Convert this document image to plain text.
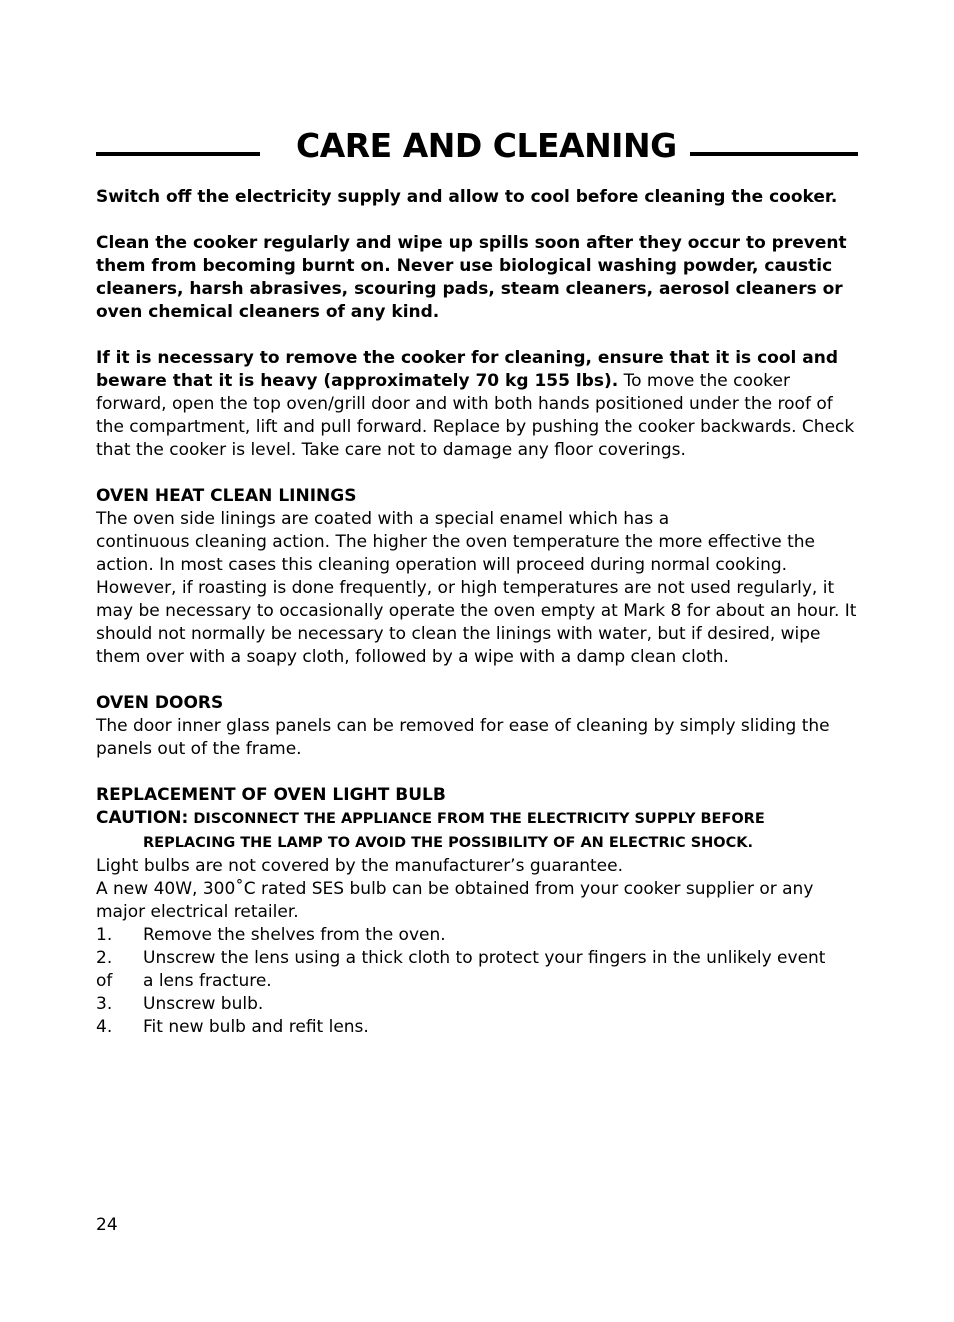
CARE AND CLEANING

Switch off the electricity supply and allow to cool before cleaning the cooker.

Clean the cooker regularly and wipe up spills soon after they occur to prevent them from becoming burnt on. Never use biological washing powder, caustic cleaners, harsh abrasives, scouring pads, steam cleaners, aerosol cleaners or oven chemical cleaners of any kind.

If it is necessary to remove the cooker for cleaning, ensure that it is cool and beware that it is heavy (approximately 70 kg 155 lbs). To move the cooker forward, open the top oven/grill door and with both hands positioned under the roof of the compartment, lift and pull forward. Replace by pushing the cooker backwards. Check that the cooker is level. Take care not to damage any floor coverings.

OVEN HEAT CLEAN LININGS

The oven side linings are coated with a special enamel which has a

continuous cleaning action. The higher the oven temperature the more effective the action. In most cases this cleaning operation will proceed during normal cooking. However, if roasting is done frequently, or high temperatures are not used regularly, it may be necessary to occasionally operate the oven empty at Mark 8 for about an hour. It should not normally be necessary to clean the linings with water, but if desired, wipe them over with a soapy cloth, followed by a wipe with a damp clean cloth.

OVEN DOORS

The door inner glass panels can be removed for ease of cleaning by simply sliding the panels out of the frame.

REPLACEMENT OF OVEN LIGHT BULB

CAUTION: DISCONNECT THE APPLIANCE FROM THE ELECTRICITY SUPPLY BEFORE

REPLACING THE LAMP TO AVOID THE POSSIBILITY OF AN ELECTRIC SHOCK.

Light bulbs are not covered by the manufacturer’s guarantee.

A new 40W, 300˚C rated SES bulb can be obtained from your cooker supplier or any major electrical retailer.

1.	Remove the shelves from the oven.
2.	Unscrew the lens using a thick cloth to protect your fingers in the unlikely event
of	a lens fracture.
3.	Unscrew bulb.
4.	Fit new bulb and refit lens.
24
